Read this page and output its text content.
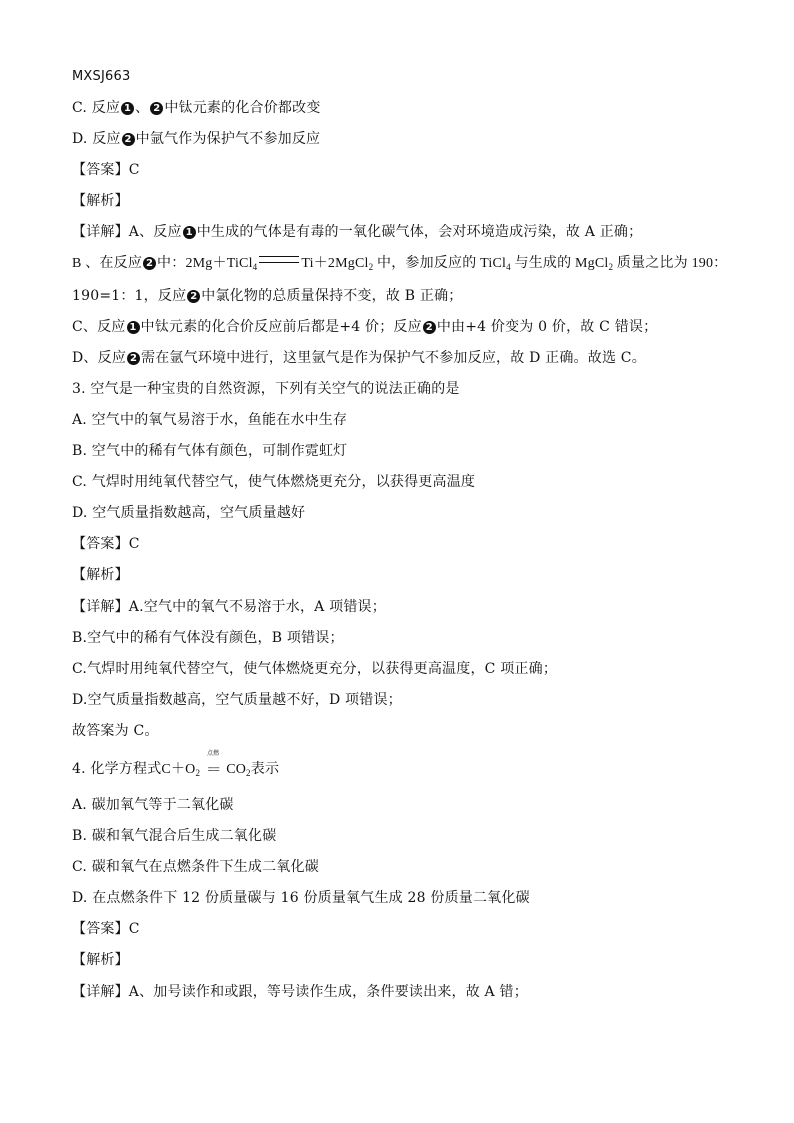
MXSJ663
C. 反应 1 、 2 中钛元素的化合价都改变
D. 反应 2 中氩气作为保护气不参加反应
【答案】C
【解析】
【详解】A、反应 1 中生成的气体是有毒的一氧化碳气体，会对环境造成污染，故 A 正确；
B 、在反应 2 中：2Mg＋TiCl$_4$	Ti＋2MgCl$_2$ 中，参加反应的 TiCl$_4$ 与生成的 MgCl$_2$ 质量之比为 190：
190=1：1，反应 2 中氯化物的总质量保持不变，故 B 正确；
C、反应 1 中钛元素的化合价反应前后都是+4 价；反应 2 中由+4 价变为 0 价，故 C 错误；
D、反应 2 需在氩气环境中进行，这里氩气是作为保护气不参加反应，故 D 正确。故选 C。
3. 空气是一种宝贵的自然资源，下列有关空气的说法正确的是
A. 空气中的氧气易溶于水，鱼能在水中生存
B. 空气中的稀有气体有颜色，可制作霓虹灯
C. 气焊时用纯氧代替空气，使气体燃烧更充分，以获得更高温度
D. 空气质量指数越高，空气质量越好
【答案】C
【解析】
【详解】A.空气中的氧气不易溶于水，A 项错误；
B.空气中的稀有气体没有颜色，B 项错误；
C.气焊时用纯氧代替空气，使气体燃烧更充分，以获得更高温度，C 项正确；
D.空气质量指数越高，空气质量越不好，D 项错误；
故答案为 C。
4. 化学方程式$C+O_2$
点燃
== $CO_2$表示
A. 碳加氧气等于二氧化碳
B. 碳和氧气混合后生成二氧化碳
C. 碳和氧气在点燃条件下生成二氧化碳
D. 在点燃条件下 12 份质量碳与 16 份质量氧气生成 28 份质量二氧化碳
【答案】C
【解析】
【详解】A、加号读作和或跟，等号读作生成，条件要读出来，故 A 错；
